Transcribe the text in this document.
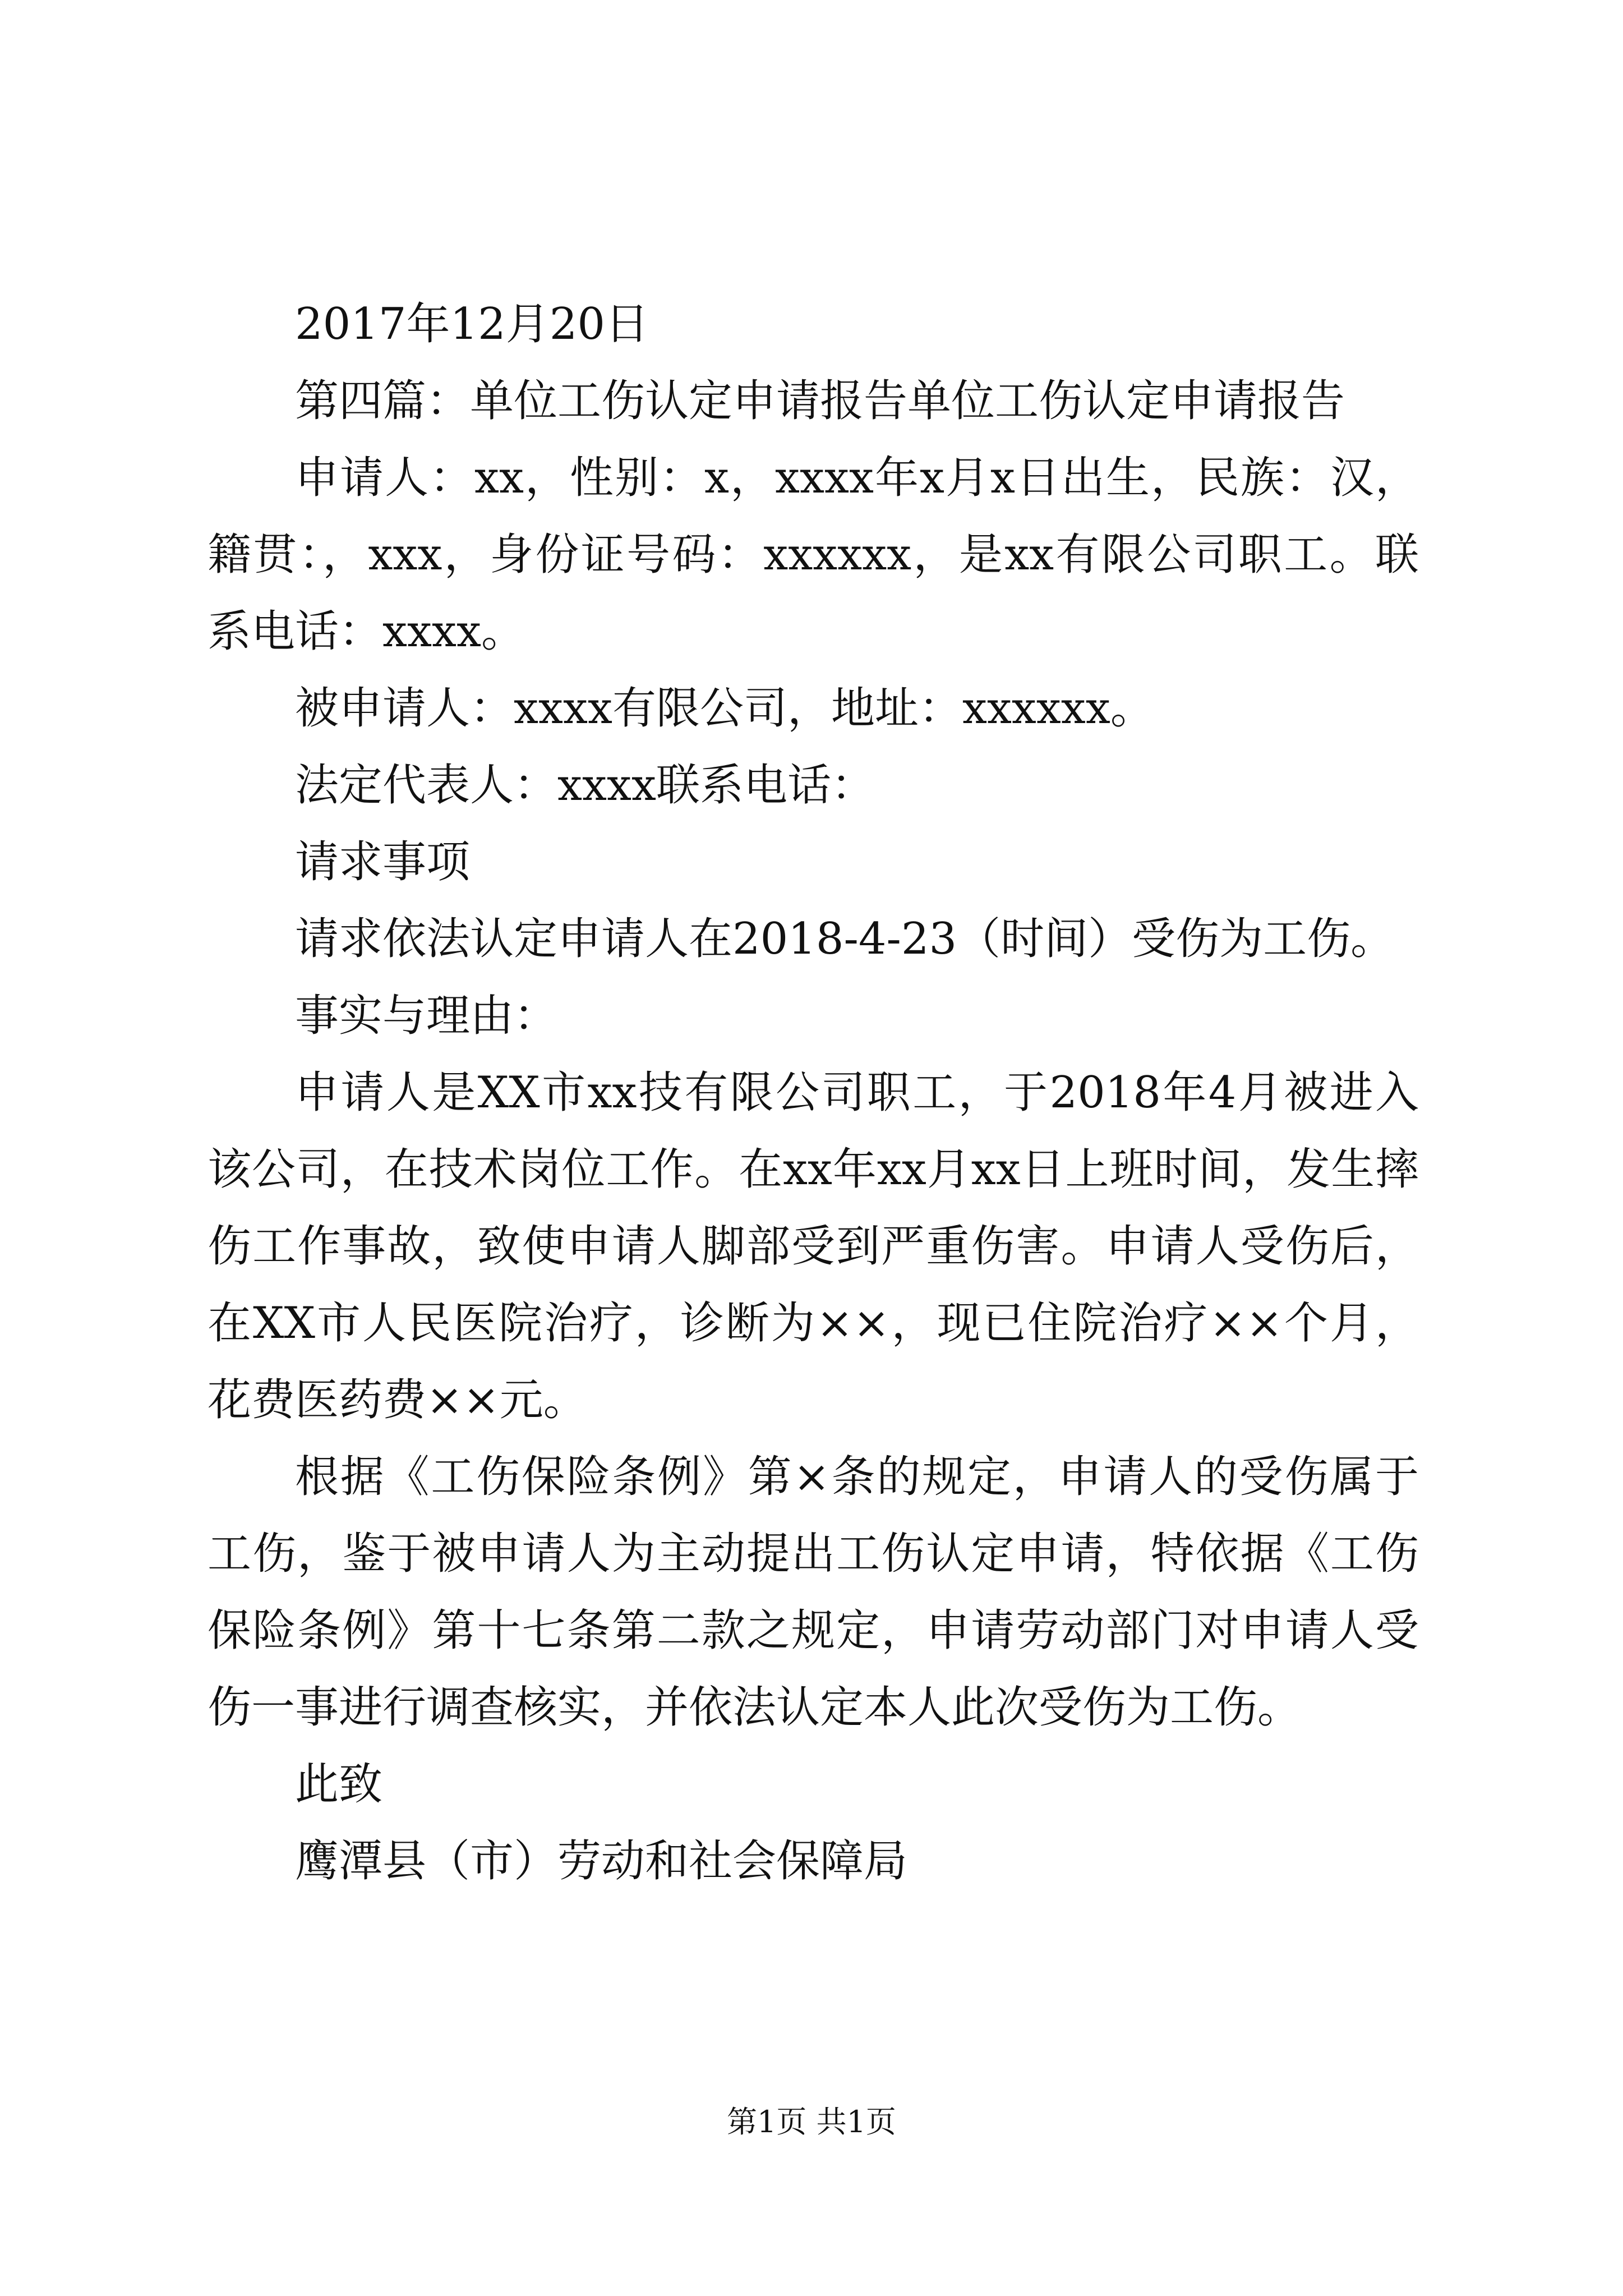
2017年12月20日

第四篇：单位工伤认定申请报告单位工伤认定申请报告

申请人：xx，性别：x，xxxx年x月x日出生，民族：汉，籍贯：，xxx，身份证号码：xxxxxx，是xx有限公司职工。联系电话：xxxx。

被申请人：xxxx有限公司，地址：xxxxxx。

法定代表人：xxxx联系电话：

请求事项

请求依法认定申请人在2018-4-23（时间）受伤为工伤。

事实与理由：

申请人是XX市xx技有限公司职工，于2018年4月被进入该公司，在技术岗位工作。在xx年xx月xx日上班时间，发生摔伤工作事故，致使申请人脚部受到严重伤害。申请人受伤后，在XX市人民医院治疗，诊断为××，现已住院治疗××个月，花费医药费××元。

根据《工伤保险条例》第×条的规定，申请人的受伤属于工伤，鉴于被申请人为主动提出工伤认定申请，特依据《工伤保险条例》第十七条第二款之规定，申请劳动部门对申请人受伤一事进行调查核实，并依法认定本人此次受伤为工伤。

此致

鹰潭县（市）劳动和社会保障局

第1页 共1页
